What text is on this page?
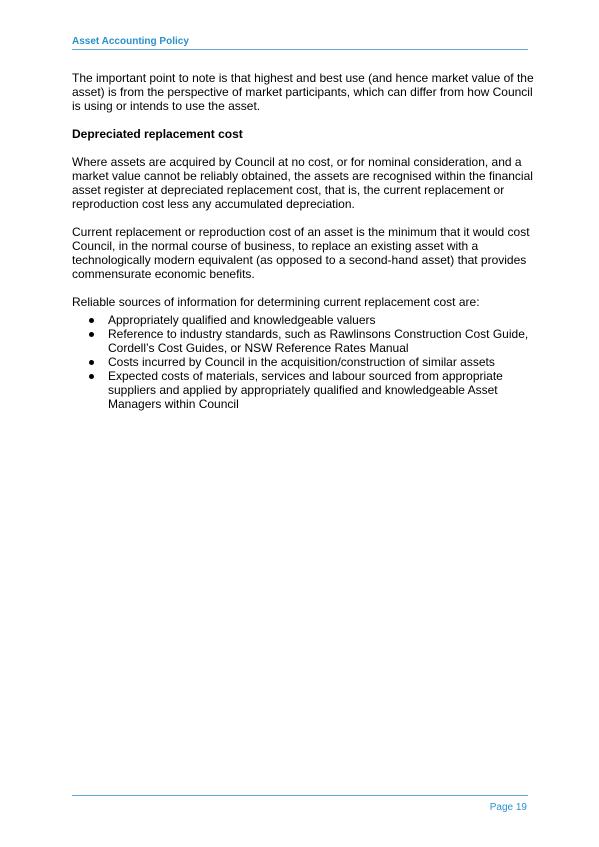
Asset Accounting Policy

The important point to note is that highest and best use (and hence market value of the asset) is from the perspective of market participants, which can differ from how Council is using or intends to use the asset.

Depreciated replacement cost

Where assets are acquired by Council at no cost, or for nominal consideration, and a market value cannot be reliably obtained, the assets are recognised within the financial asset register at depreciated replacement cost, that is, the current replacement or reproduction cost less any accumulated depreciation.

Current replacement or reproduction cost of an asset is the minimum that it would cost Council, in the normal course of business, to replace an existing asset with a technologically modern equivalent (as opposed to a second-hand asset) that provides commensurate economic benefits.

Reliable sources of information for determining current replacement cost are:

Appropriately qualified and knowledgeable valuers
Reference to industry standards, such as Rawlinsons Construction Cost Guide, Cordell’s Cost Guides, or NSW Reference Rates Manual
Costs incurred by Council in the acquisition/construction of similar assets
Expected costs of materials, services and labour sourced from appropriate suppliers and applied by appropriately qualified and knowledgeable Asset Managers within Council
Page 19
